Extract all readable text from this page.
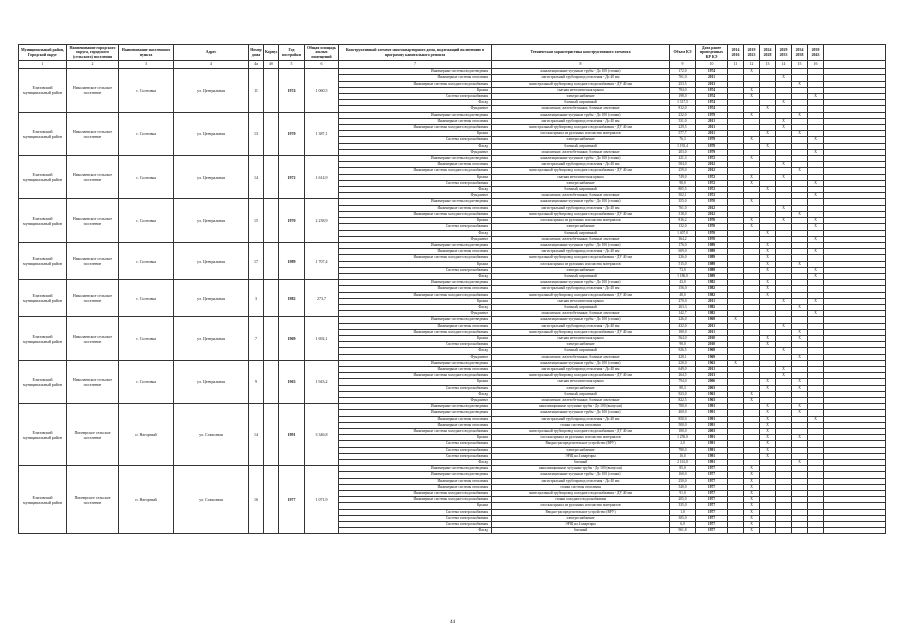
Муниципальный район, Городской округ	Наименование городского округа, городского (сельского) поселения	Наименование населенного пункта	Адрес	Номер дома	Корпус	Год постройки	Общая площадь жилых помещений	Конструктивный элемент многоквартирного дома, подлежащий включению в программу капитального ремонта	Техническая характеристика конструктивного элемента	Объем КЭ	Дата ранее проведенных КР КЭ	2014 2016	2019 2023	2024 2028	2029 2033	2034 2038	2039 2043	
1	2	3	4	4а	4б	5	6	7	8	9	10	11	12	13	14	15	16	
Елизовский муниципальный район	Николаевское сельское поселение	с. Сосновка	ул. Центральная	11		1974	1 060,5	Инженерные системы водоотведения	канализационные чугунные трубы - До 100 (стояки)	172,0	1974		X					
								Инженерные системы отопления	магистральный трубопровод отопления - До 40 мм	761,0	2011				X			
								Инженерные системы холодного водоснабжения	магистральный трубопровод холодного водоснабжения - ДУ 40 мм	253,5	2013					X		
								Крыша	скатная металлическая крыша	784,0	1974		X					
								Система электроснабжения	электроснабжение	198,0	1974		X				X	
								Фасад	блочный, кирпичный	1 317,5	1974				X			
								Фундамент	монолитные, железобетонные, блочные ленточные	812,0	1974			X				
Елизовский муниципальный район	Николаевское сельское поселение	с. Сосновка	ул. Центральная	13		1970	1 387,1	Инженерные системы водоотведения	канализационные чугунные трубы - До 100 (стояки)	232,0	1979		X			X		
								Инженерные системы отопления	магистральный трубопровод отопления - До 40 мм	531,0	2011				X			
								Инженерные системы холодного водоснабжения	магистральный трубопровод холодного водоснабжения - ДУ 40 мм	229,5	2011				X			
								Крыша	плоская крыша из рулонных или мастик материалов	577,7	2011			X		X		
								Система электроснабжения	электроснабжение	76,3	1979		X				X	
								Фасад	блочный, кирпичный	1 192,4	1979			X				
								Фундамент	монолитные, железобетонные, блочные ленточные	203,0	1979						X	
Елизовский муниципальный район	Николаевское сельское поселение	с. Сосновка	ул. Центральная	14		1972	1 614,9	Инженерные системы водоотведения	канализационные чугунные трубы - До 100 (стояки)	221,3	1972		X					
								Инженерные системы отопления	магистральный трубопровод отопления - До 40 мм	584,0	2012				X			
								Инженерные системы холодного водоснабжения	магистральный трубопровод холодного водоснабжения - ДУ 40 мм	259,0	2012					X		
								Крыша	скатная металлическая крыша	749,0	1972		X		X			
								Система электроснабжения	электроснабжение	98,0	1972		X				X	
								Фасад	блочный, кирпичный	805,5	1972			X				
								Фундамент	монолитные, железобетонные, блочные ленточные	302,1	1972						X	
Елизовский муниципальный район	Николаевское сельское поселение	с. Сосновка	ул. Центральная	15		1970	2 238,9	Инженерные системы водоотведения	канализационные чугунные трубы - До 100 (стояки)	355,0	1970		X					
								Инженерные системы отопления	магистральный трубопровод отопления - До 40 мм	761,0	2012				X			
								Инженерные системы холодного водоснабжения	магистральный трубопровод холодного водоснабжения - ДУ 40 мм	318,0	2012					X		
								Крыша	плоская крыша из рулонных или мастик материалов	816,2	1970		X		X		X	
								Система электроснабжения	электроснабжение	132,0	1970		X				X	
								Фасад	блочный, кирпичный	1 407,0	1970			X				
								Фундамент	монолитные, железобетонные, блочные ленточные	364,2	1970						X	
Елизовский муниципальный район	Николаевское сельское поселение	с. Сосновка	ул. Центральная	17		1989	1 707,4	Инженерные системы водоотведения	канализационные чугунные трубы - До 100 (стояки)	176,0	1989			X				
								Инженерные системы отопления	магистральный трубопровод отопления - До 40 мм	609,0	1989			X			X	
								Инженерные системы холодного водоснабжения	магистральный трубопровод холодного водоснабжения - ДУ 40 мм	226,0	1989			X				
								Крыша	плоская крыша из рулонных или мастик материалов	515,0	1989			X		X		
								Система электроснабжения	электроснабжение	73,0	1989			X			X	
								Фасад	блочный, кирпичный	1 186,0	1989						X	
Елизовский муниципальный район	Николаевское сельское поселение	с. Сосновка	ул. Центральная	3		1982	273,7	Инженерные системы водоотведения	канализационные чугунные трубы - До 100 (стояки)	43,0	1982			X				
								Инженерные системы отопления	магистральный трубопровод отопления - До 40 мм	156,0	1982			X				
								Инженерные системы холодного водоснабжения	магистральный трубопровод холодного водоснабжения - ДУ 40 мм	48,0	1982			X				
								Крыша	скатная металлическая крыша	270,0	2011				X		X	
								Фасад	блочный, кирпичный	263,3	1982					X		
								Фундамент	монолитные, железобетонные, блочные ленточные	142,7	1982						X	
Елизовский муниципальный район	Николаевское сельское поселение	с. Сосновка	ул. Центральная	7		1969	1 692,1	Инженерные системы водоотведения	канализационные чугунные трубы - До 100 (стояки)	226,0	1969	X						
								Инженерные системы отопления	магистральный трубопровод отопления - До 40 мм	432,0	2011				X			
								Инженерные системы холодного водоснабжения	магистральный трубопровод холодного водоснабжения - ДУ 40 мм	180,0	2011					X		
								Крыша	скатная металлическая крыша	564,0	2010			X		X		
								Система электроснабжения	электроснабжение	98,0	2010			X				
								Фасад	блочный, кирпичный	926,5	1969				X			
								Фундамент	монолитные, железобетонные, блочные ленточные	428,1	1969					X		
Елизовский муниципальный район	Николаевское сельское поселение	с. Сосновка	ул. Центральная	9		1963	1 943,2	Инженерные системы водоотведения	канализационные чугунные трубы - До 100 (стояки)	220,0	1963	X						
								Инженерные системы отопления	магистральный трубопровод отопления - До 40 мм	649,0	2011				X			
								Инженерные системы холодного водоснабжения	магистральный трубопровод холодного водоснабжения - ДУ 40 мм	264,5	2013				X			
								Крыша	скатная металлическая крыша	794,0	2006			X		X		
								Система электроснабжения	электроснабжение	88,3	2063			X		X		
								Фасад	блочный, кирпичный	923,0	1963		X					
								Фундамент	монолитные, железобетонные, блочные ленточные	822,5	1963		X					
Елизовский муниципальный район	Пионерское сельское поселение	п. Нагорный	ул. Совхозная	14		1991	3 346,8	Инженерные системы водоотведения	канализационные чугунные трубы - До 100 (выпуски)	780,0	1991			X		X		
								Инженерные системы водоотведения	канализационные чугунные трубы - До 100 (стояки)	400,0	1991			X		X		
								Инженерные системы отопления	магистральный трубопровод отопления - До 40 мм	850,0	1991			X			X	
								Инженерные системы отопления	стояки системы отопления	500,0	1991			X				
								Инженерные системы холодного водоснабжения	магистральный трубопровод холодного водоснабжения - ДУ 40 мм	180,0	2003			X				
								Крыша	плоская крыша из рулонных или мастик материалов	1 250,0	1991			X		X		
								Система электроснабжения	Вводно-распределительное устройство (ВРУ)	2,0	1991			X				
								Система электроснабжения	электроснабжение	780,0	1991			X				
								Система электроснабжения	ЭРЩ на 4 квартиры	16,0	1991			X				
								Фасад	блочный	2 161,0	1991					X		
Елизовский муниципальный район	Пионерское сельское поселение	п. Нагорный	ул. Совхозная	16		1977	1 071,9	Инженерные системы водоотведения	канализационные чугунные трубы - До 100 (выпуски)	85,0	1977		X					
								Инженерные системы водоотведения	канализационные чугунные трубы - До 100 (стояки)	160,0	1977		X					
								Инженерные системы отопления	магистральный трубопровод отопления - До 40 мм	250,0	1977		X					
								Инженерные системы отопления	стояки системы отопления	540,0	1977		X					
								Инженерные системы холодного водоснабжения	магистральный трубопровод холодного водоснабжения - ДУ 40 мм	91,0	1977		X					
								Инженерные системы холодного водоснабжения	стояки холодного водоснабжения	205,0	1977		X					
								Крыша	плоская крыша из рулонных или мастик материалов	335,0	1977		X					
								Система электроснабжения	Вводно-распределительное устройство (ВРУ)	1,0	1977		X					
								Система электроснабжения	электроснабжение	305,0	1977		X					
								Система электроснабжения	ЭРЩ на 4 квартиры	6,0	1977		X					
								Фасад	блочный	961,8	1977		X					
44
